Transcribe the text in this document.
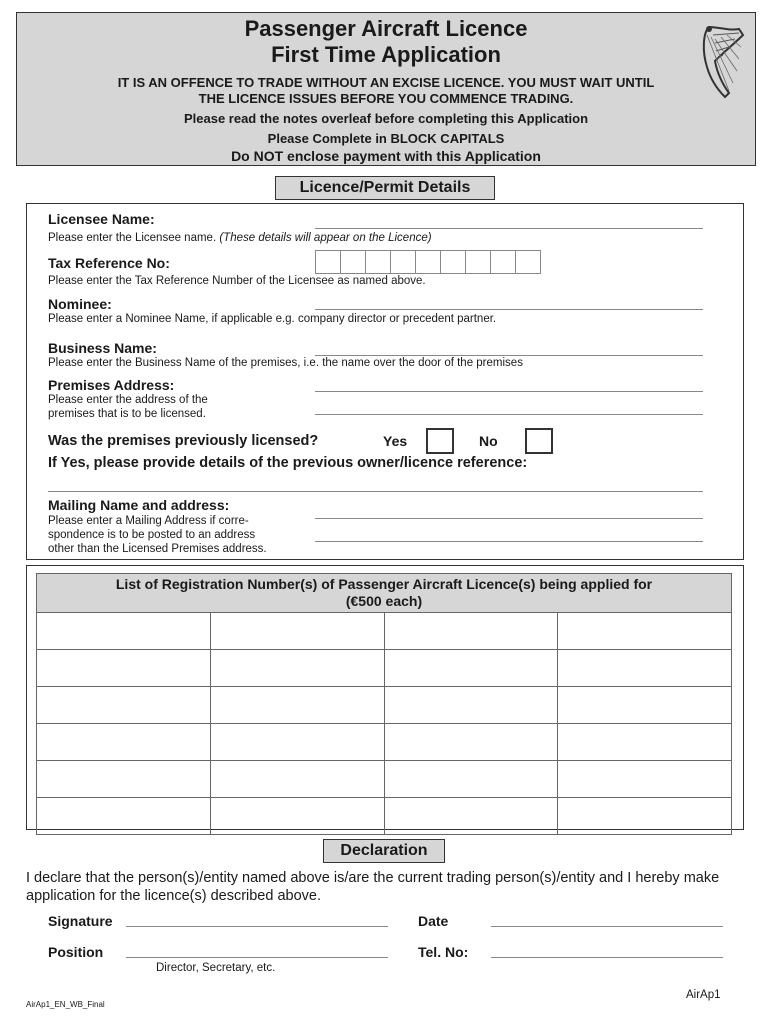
Passenger Aircraft Licence
First Time Application
IT IS AN OFFENCE TO TRADE WITHOUT AN EXCISE LICENCE. YOU MUST WAIT UNTIL
THE LICENCE ISSUES BEFORE YOU COMMENCE TRADING.
Please read the notes overleaf before completing this Application
Please Complete in BLOCK CAPITALS
Do NOT enclose payment with this Application
Licence/Permit Details
Licensee Name:
Please enter the Licensee name. (These details will appear on the Licence)
Tax Reference No:
Please enter the Tax Reference Number of the Licensee as named above.
Nominee:
Please enter a Nominee Name, if applicable e.g. company director or precedent partner.
Business Name:
Please enter the Business Name of the premises, i.e. the name over the door of the premises
Premises Address:
Please enter the address of the
premises that is to be licensed.
Was the premises previously licensed?	Yes	No
If Yes, please provide details of the previous owner/licence reference:
Mailing Name and address:
Please enter a Mailing Address if corre-
spondence is to be posted to an address
other than the Licensed Premises address.
List of Registration Number(s) of Passenger Aircraft Licence(s) being applied for
(€500 each)			

Declaration
I declare that the person(s)/entity named above is/are the current trading person(s)/entity and I hereby make application for the licence(s) described above.
Signature	Date
Position	Tel. No:
Director, Secretary, etc.
AirAp1
AirAp1_EN_WB_Final
